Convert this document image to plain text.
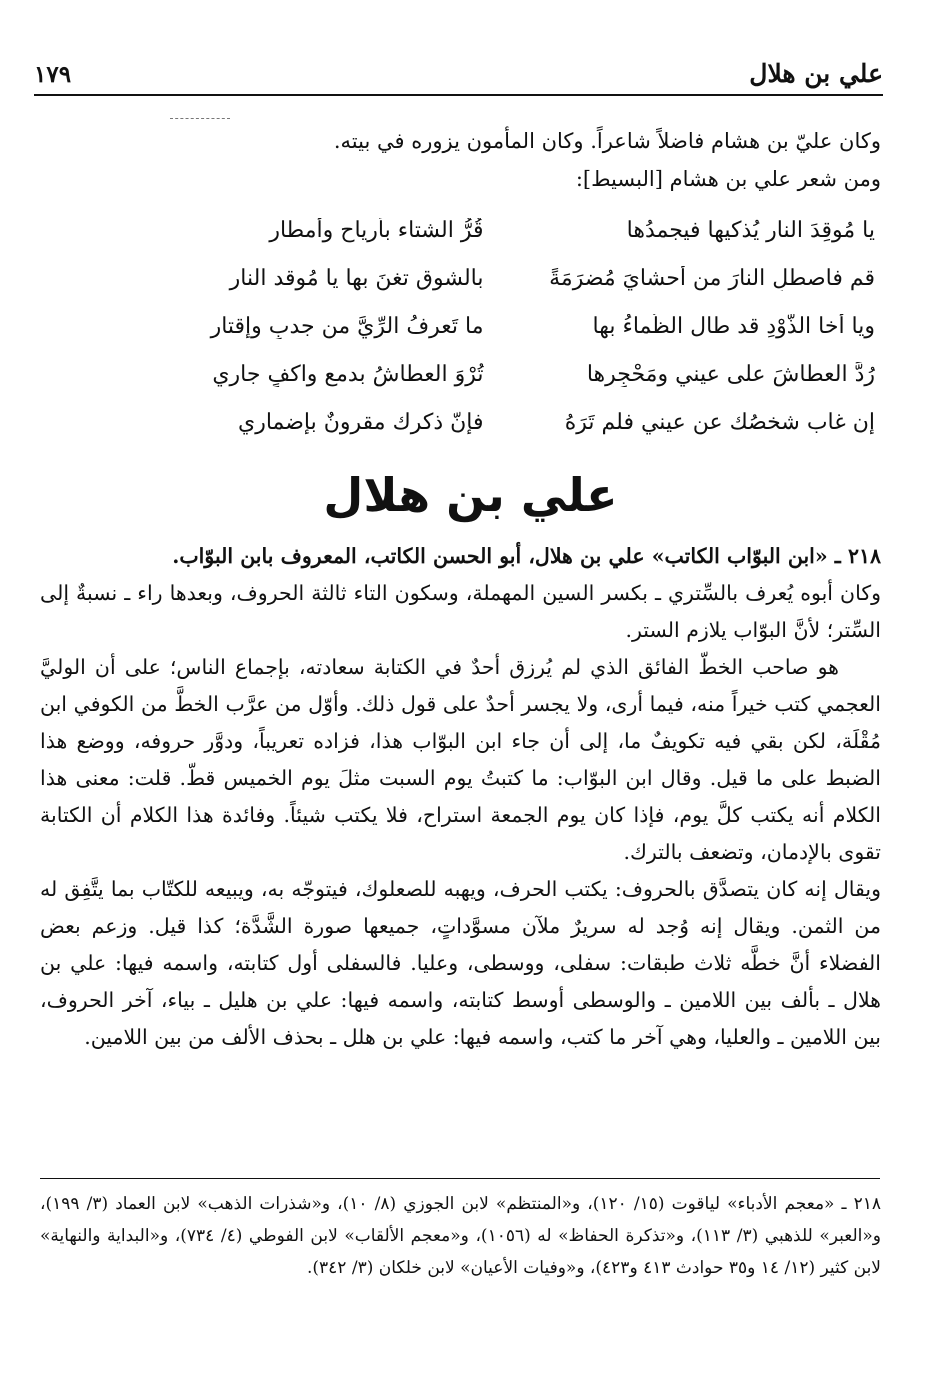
علي بن هلال
١٧٩
وكان عليّ بن هشام فاضلاً شاعراً. وكان المأمون يزوره في بيته.
ومن شعر علي بن هشام [البسيط]:
يا مُوقِدَ النار يُذكيها فيجمدُها
قُرُّ الشتاء بأرياحٍ وأمطارِ
قم فاصطلِ النارَ من أحشايَ مُضرَمَةً
بالشوق تغنَ بها يا مُوقد النارِ
ويا أخا الذَّوْدِ قد طال الظَّماءُ بها
ما تَعرِفُ الرِّيَّ من جدبٍ وإقتارِ
رُدَّ العطاشَ على عيني ومَحْجِرِها
تُرْوَ العطاشُ بدمعٍ واكفٍ جاري
إن غاب شخصُك عن عيني فلم تَرَهُ
فإنّ ذكرك مقرونٌ بإضماري
علي بن هلال

٢١٨ ـ «ابن البوّاب الكاتب» علي بن هلال، أبو الحسن الكاتب، المعروف بابن البوّاب.

وكان أبوه يُعرف بالسِّتري ـ بكسر السين المهملة، وسكون التاء ثالثة الحروف، وبعدها راء ـ نسبةٌ إلى السِّتر؛ لأنَّ البوّاب يلازم الستر.

هو صاحب الخطّ الفائق الذي لم يُرزق أحدٌ في الكتابة سعادته، بإجماع الناس؛ على أن الوليَّ العجمي كتب خيراً منه، فيما أرى، ولا يجسر أحدٌ على قول ذلك. وأوّل من عرَّب الخطَّ من الكوفي ابن مُقْلَة، لكن بقي فيه تكويفٌ ما، إلى أن جاء ابن البوّاب هذا، فزاده تعريباً، ودوَّر حروفه، ووضع هذا الضبط على ما قيل. وقال ابن البوّاب: ما كتبتُ يوم السبت مثلَ يوم الخميس قطّ. قلت: معنى هذا الكلام أنه يكتب كلَّ يوم، فإذا كان يوم الجمعة استراح، فلا يكتب شيئاً. وفائدة هذا الكلام أن الكتابة تقوى بالإدمان، وتضعف بالترك.

ويقال إنه كان يتصدَّق بالحروف: يكتب الحرف، ويهبه للصعلوك، فيتوجّه به، ويبيعه للكتّاب بما يتَّفِق له من الثمن. ويقال إنه وُجد له سريرٌ ملآن مسوَّداتٍ، جميعها صورة الشَّدَّة؛ كذا قيل. وزعم بعض الفضلاء أنَّ خطَّه ثلاث طبقات: سفلى، ووسطى، وعليا. فالسفلى أول كتابته، واسمه فيها: علي بن هلال ـ بألف بين اللامين ـ والوسطى أوسط كتابته، واسمه فيها: علي بن هليل ـ بياء، آخر الحروف، بين اللامين ـ والعليا، وهي آخر ما كتب، واسمه فيها: علي بن هلل ـ بحذف الألف من بين اللامين.

٢١٨ ـ «معجم الأدباء» لياقوت (١٥/ ١٢٠)، و«المنتظم» لابن الجوزي (٨/ ١٠)، و«شذرات الذهب» لابن العماد (٣/ ١٩٩)، و«العبر» للذهبي (٣/ ١١٣)، و«تذكرة الحفاظ» له (١٠٥٦)، و«معجم الألقاب» لابن الفوطي (٤/ ٧٣٤)، و«البداية والنهاية» لابن كثير (١٢/ ١٤ و٣٥ حوادث ٤١٣ و٤٢٣)، و«وفيات الأعيان» لابن خلكان (٣/ ٣٤٢).
